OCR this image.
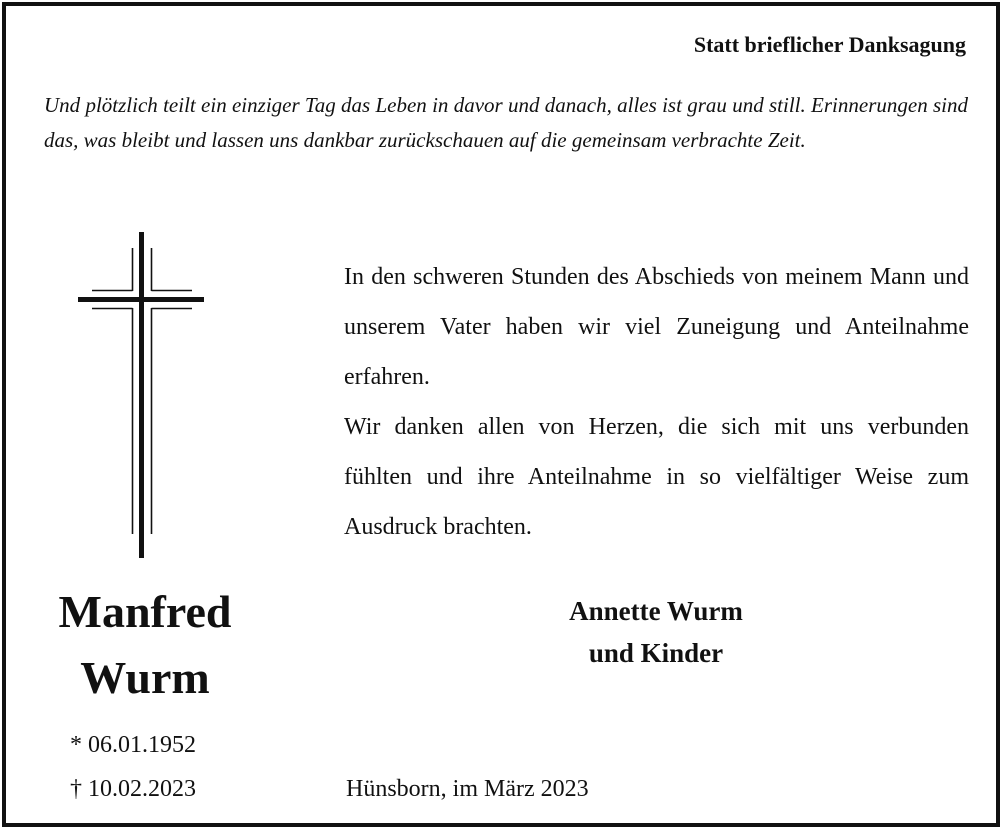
Statt brieflicher Danksagung
Und plötzlich teilt ein einziger Tag das Leben in davor und danach, alles ist grau und still. Erinnerungen sind das, was bleibt und lassen uns dankbar zurückschauen auf die gemeinsam verbrachte Zeit.

In den schweren Stunden des Abschieds von meinem Mann und unserem Vater haben wir viel Zuneigung und Anteilnahme erfahren.

Wir danken allen von Herzen, die sich mit uns verbunden fühlten und ihre Anteilnahme in so vielfältiger Weise zum Ausdruck brachten.

Manfred
Wurm
* 06.01.1952
† 10.02.2023
Annette Wurm
und Kinder
Hünsborn, im März 2023
